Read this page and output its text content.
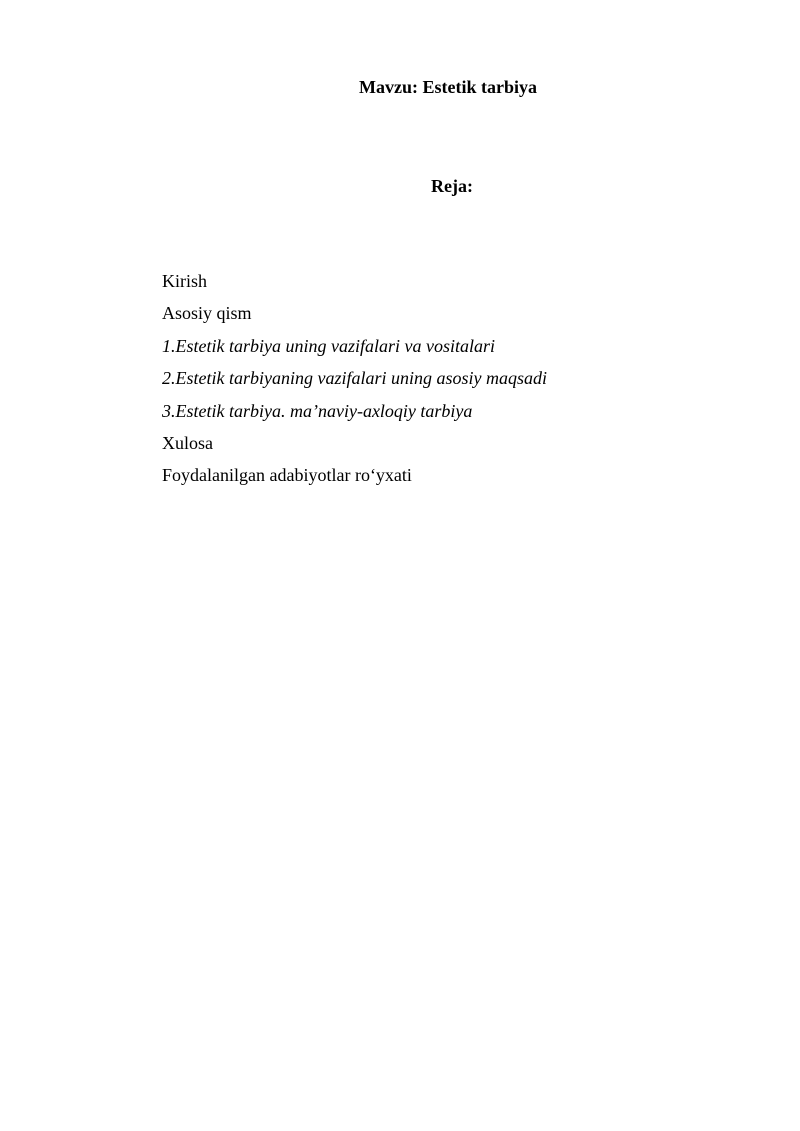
Mavzu: Estetik tarbiya
Reja:
Kirish
Asosiy qism
1.Estetik tarbiya uning vazifalari va vositalari
2.Estetik tarbiyaning vazifalari uning asosiy maqsadi
3.Estetik tarbiya. ma’naviy-axloqiy tarbiya
Xulosa
Foydalanilgan adabiyotlar ro‘yxati
